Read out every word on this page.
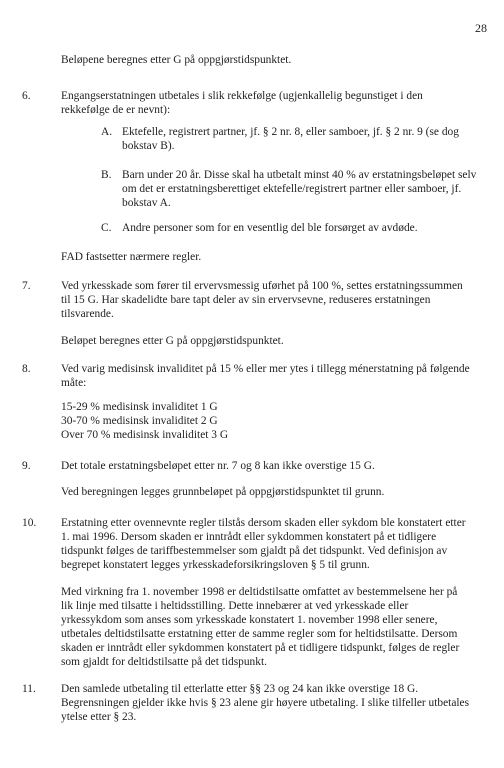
28

Beløpene beregnes etter G på oppgjørstidspunktet.

6.	Engangserstatningen utbetales i slik rekkefølge (ugjenkallelig begunstiget i den rekkefølge de er nevnt):

A. Ektefelle, registrert partner, jf. § 2 nr. 8, eller samboer, jf. § 2 nr. 9 (se dog bokstav B).

B. Barn under 20 år. Disse skal ha utbetalt minst 40 % av erstatningsbeløpet selv om det er erstatningsberettiget ektefelle/registrert partner eller samboer, jf. bokstav A.

C. Andre personer som for en vesentlig del ble forsørget av avdøde.

FAD fastsetter nærmere regler.

7.	Ved yrkesskade som fører til ervervsmessig uførhet på 100 %, settes erstatningssummen til 15 G. Har skadelidte bare tapt deler av sin ervervsevne, reduseres erstatningen tilsvarende.

Beløpet beregnes etter G på oppgjørstidspunktet.

8.	Ved varig medisinsk invaliditet på 15 % eller mer ytes i tillegg ménerstatning på følgende måte:

15-29 % medisinsk invaliditet 1 G
30-70 % medisinsk invaliditet 2 G
Over 70 % medisinsk invaliditet 3 G
9.	Det totale erstatningsbeløpet etter nr. 7 og 8 kan ikke overstige 15 G.

Ved beregningen legges grunnbeløpet på oppgjørstidspunktet til grunn.

10. Erstatning etter ovennevnte regler tilstås dersom skaden eller sykdom ble konstatert etter 1. mai 1996. Dersom skaden er inntrådt eller sykdommen konstatert på et tidligere tidspunkt følges de tariffbestemmelser som gjaldt på det tidspunkt. Ved definisjon av begrepet konstatert legges yrkesskadeforsikringsloven § 5 til grunn.

Med virkning fra 1. november 1998 er deltidstilsatte omfattet av bestemmelsene her på lik linje med tilsatte i heltidsstilling. Dette innebærer at ved yrkesskade eller yrkessykdom som anses som yrkesskade konstatert 1. november 1998 eller senere, utbetales deltidstilsatte erstatning etter de samme regler som for heltidstilsatte. Dersom skaden er inntrådt eller sykdommen konstatert på et tidligere tidspunkt, følges de regler som gjaldt for deltidstilsatte på det tidspunkt.

11. Den samlede utbetaling til etterlatte etter §§ 23 og 24 kan ikke overstige 18 G. Begrensningen gjelder ikke hvis § 23 alene gir høyere utbetaling. I slike tilfeller utbetales ytelse etter § 23.
